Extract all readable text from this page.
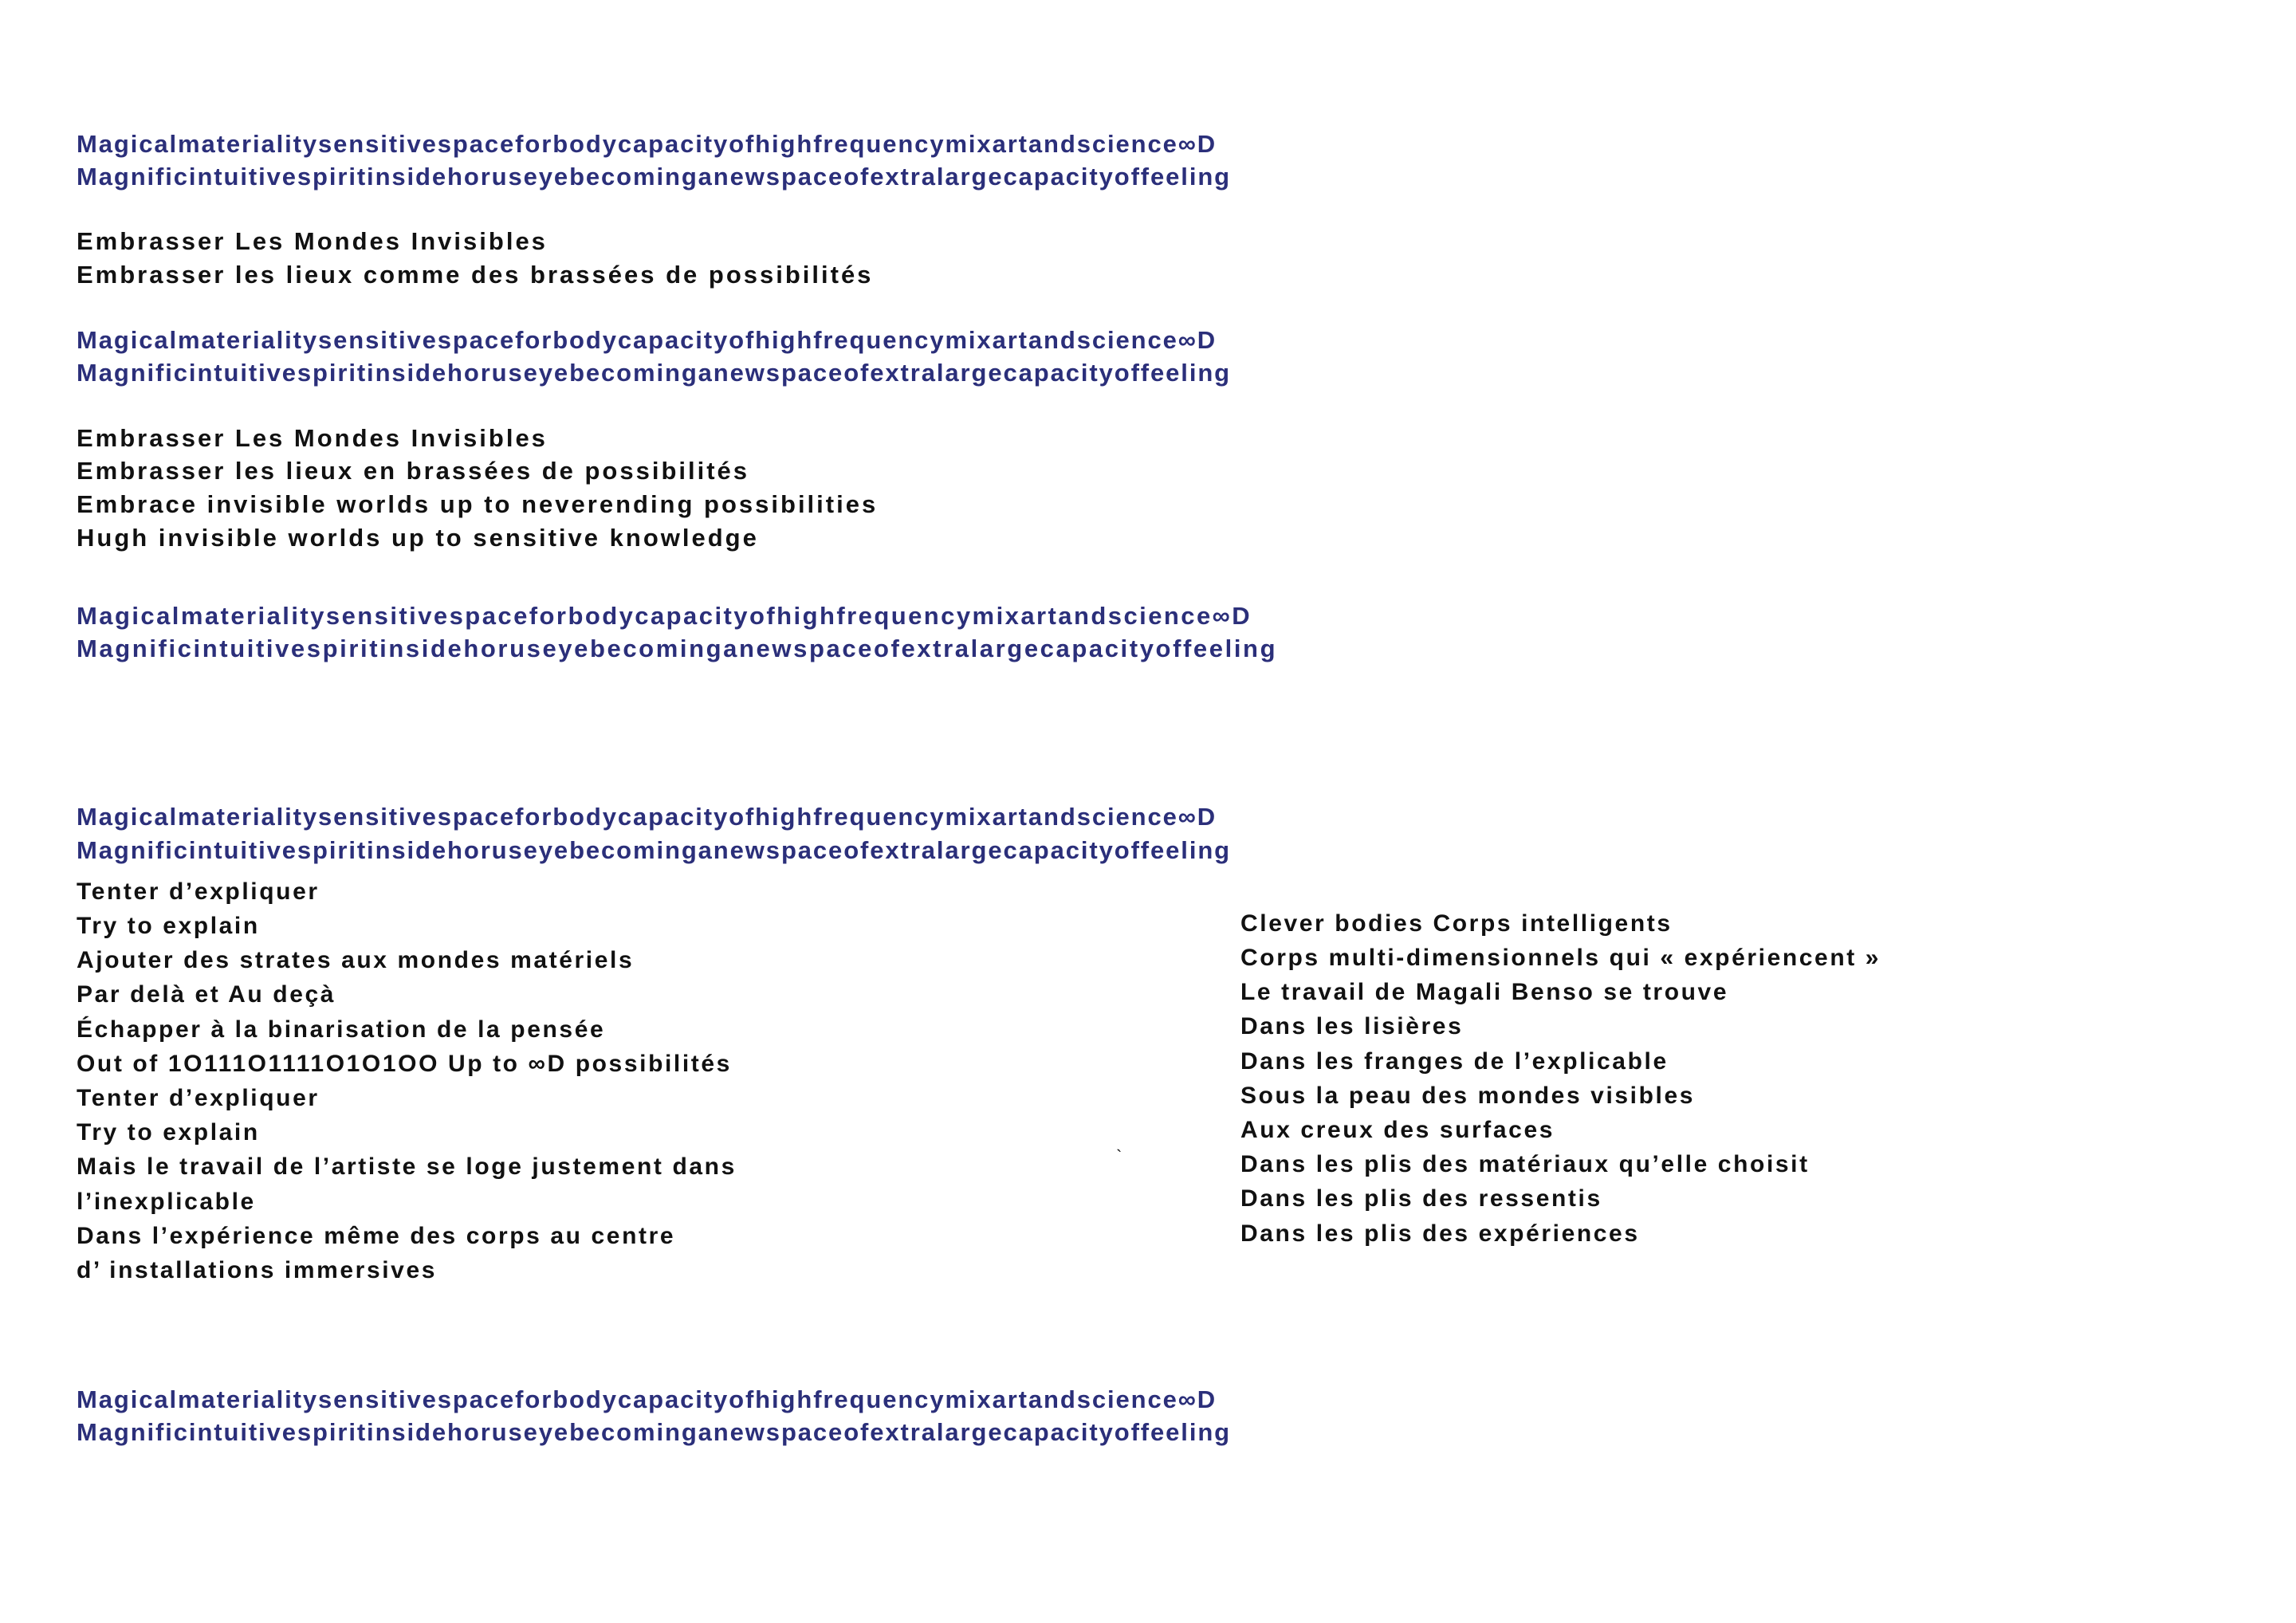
Magicalmaterialitysensitivespaceforbodycapacityofhighfrequencymixartandscience∞D
Magnificintuitivespiritinsidehoruseyebecominganewspaceofextralargecapacityoffeeling
Embrasser Les Mondes Invisibles
Embrasser les lieux comme des brassées de possibilités
Magicalmaterialitysensitivespaceforbodycapacityofhighfrequencymixartandscience∞D
Magnificintuitivespiritinsidehoruseyebecominganewspaceofextralargecapacityoffeeling
Embrasser Les Mondes Invisibles
Embrasser les lieux en brassées de possibilités
Embrace invisible worlds up to neverending possibilities
Hugh invisible worlds up to sensitive knowledge
Magicalmaterialitysensitivespaceforbodycapacityofhighfrequencymixartandscience∞D
Magnificintuitivespiritinsidehoruseyebecominganewspaceofextralargecapacityoffeeling
Magicalmaterialitysensitivespaceforbodycapacityofhighfrequencymixartandscience∞D
Magnificintuitivespiritinsidehoruseyebecominganewspaceofextralargecapacityoffeeling
Tenter d’expliquer
Try to explain
Ajouter des strates aux mondes matériels
Par delà et Au deçà
Échapper à la binarisation de la pensée
Out of 1O111O1111O1O1OO Up to ∞D possibilités
Tenter d’expliquer
Try to explain
Mais le travail de l’artiste se loge justement dans
l’inexplicable
Dans l’expérience même des corps au centre
d’ installations immersives
Clever bodies Corps intelligents
Corps multi-dimensionnels qui « expériencent »
Le travail de Magali Benso se trouve
Dans les lisières
Dans les franges de l’explicable
Sous la peau des mondes visibles
Aux creux des surfaces
Dans les plis des matériaux qu’elle choisit
Dans les plis des ressentis
Dans les plis des expériences
Magicalmaterialitysensitivespaceforbodycapacityofhighfrequencymixartandscience∞D
Magnificintuitivespiritinsidehoruseyebecominganewspaceofextralargecapacityoffeeling
`
